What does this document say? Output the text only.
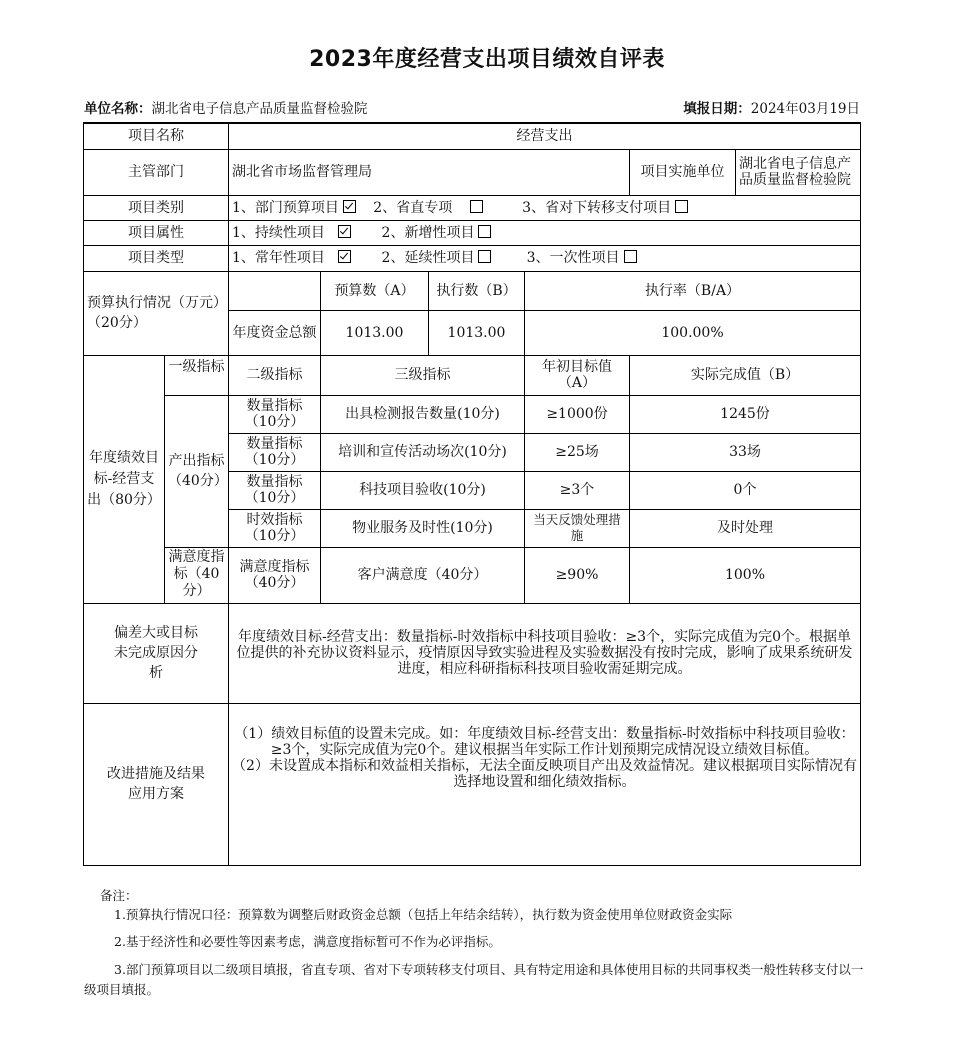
2023年度经营支出项目绩效自评表
单位名称：湖北省电子信息产品质量监督检验院	填报日期：2024年03月19日
项目名称		经营支出					
主管部门		湖北省市场监督管理局				项目实施单位	湖北省电子信息产品质量监督检验院
项目类别		1、部门预算项目 2、省直专项 3、省对下转移支付项目					
项目属性		1、持续性项目 2、新增性项目					
项目类型		1、常年性项目 2、延续性项目 3、一次性项目					
预算执行情况（万元）　　（20分）			预算数（A）	执行数（B）	执行率（B/A）		
		年度资金总额	1013.00	1013.00	100.00%		
年度绩效目标-经营支出（80分）	一级指标	二级指标	三级指标		年初目标值（A）	实际完成值（B）	
	产出指标（40分）	数量指标（10分）	出具检测报告数量(10分)		≥1000份	1245份	

		数量指标（10分）	培训和宣传活动场次(10分)		≥25场	33场	

		数量指标（10分）	科技项目验收(10分)		≥3个	0个	

		时效指标（10分）	物业服务及时性(10分)		当天反馈处理措施	及时处理	

	满意度指标（40分）	满意度指标（40分）	客户满意度（40分）		≥90%	100%	
偏差大或目标未完成原因分析		年度绩效目标-经营支出：数量指标-时效指标中科技项目验收：≥3个，实际完成值为完0个。根据单位提供的补充协议资料显示，疫情原因导致实验进程及实验数据没有按时完成，影响了成果系统研发进度，相应科研指标科技项目验收需延期完成。					
改进措施及结果应用方案		（1）绩效目标值的设置未完成。如：年度绩效目标-经营支出：数量指标-时效指标中科技项目验收：≥3个，实际完成值为完0个。建议根据当年实际工作计划预期完成情况设立绩效目标值。

（2）未设置成本指标和效益相关指标，无法全面反映项目产出及效益情况。建议根据项目实际情况有选择地设置和细化绩效指标。					

备注：

1.预算执行情况口径：预算数为调整后财政资金总额（包括上年结余结转），执行数为资金使用单位财政资金实际

2.基于经济性和必要性等因素考虑，满意度指标暂可不作为必评指标。

3.部门预算项目以二级项目填报，省直专项、省对下专项转移支付项目、具有特定用途和具体使用目标的共同事权类一般性转移支付以一级项目填报。
